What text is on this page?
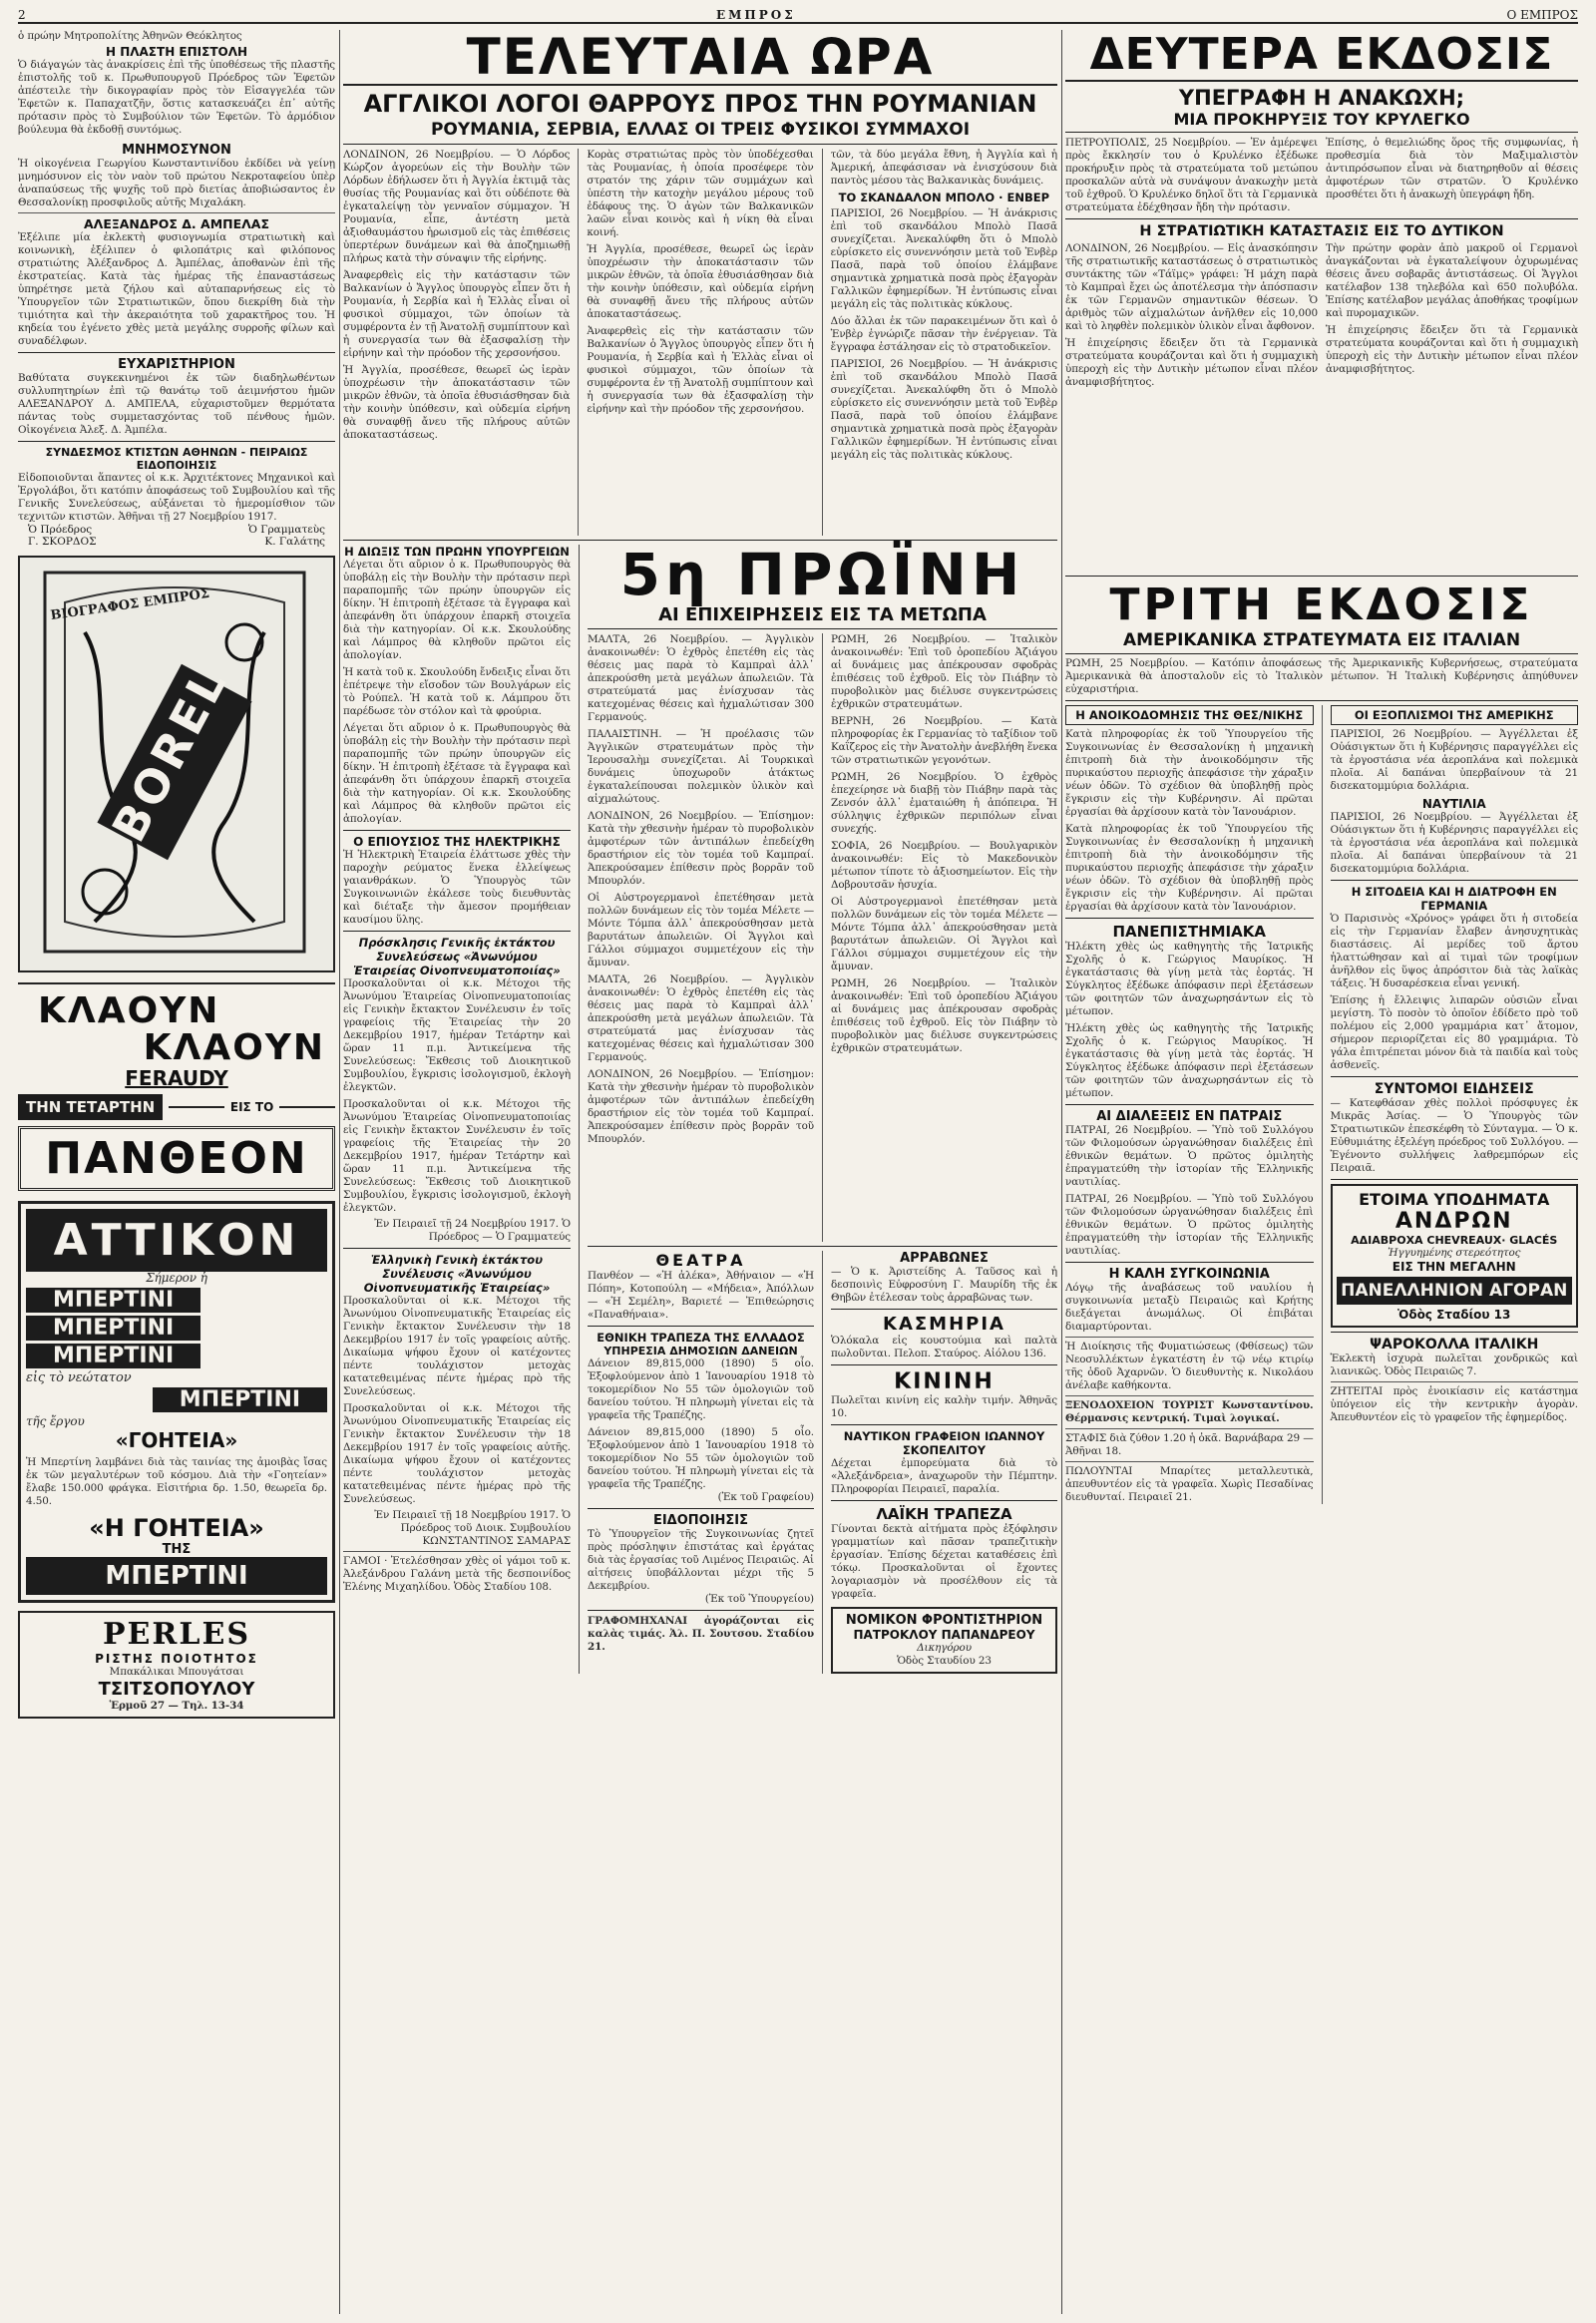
2	ΕΜΠΡΟΣ	Ο ΕΜΠΡΟΣ
ὁ πρώην Μητροπολίτης Ἀθηνῶν Θεόκλητος
Η ΠΛΑΣΤΗ ΕΠΙΣΤΟΛΗ
Ὁ διάγαγών τὰς ἀνακρίσεις ἐπὶ τῆς ὑποθέσεως τῆς πλαστῆς ἐπιστολῆς τοῦ κ. Πρωθυπουργοῦ Πρόεδρος τῶν Ἐφετῶν ἀπέστειλε τὴν δικογραφίαν πρὸς τὸν Εἰσαγγελέα τῶν Ἐφετῶν κ. Παπαχατζῆν, ὅστις κατασκευάζει ἐπ᾽ αὐτῆς πρότασιν πρὸς τὸ Συμβούλιον τῶν Ἐφετῶν. Τὸ ἀρμόδιον βούλευμα θὰ ἐκδοθῇ συντόμως.
ΜΝΗΜΟΣΥΝΟΝ
Ἡ οἰκογένεια Γεωργίου Κωνσταντινίδου ἐκδίδει νὰ γείνῃ μνημόσυνον εἰς τὸν ναὸν τοῦ πρώτου Νεκροταφείου ὑπὲρ ἀναπαύσεως τῆς ψυχῆς τοῦ πρὸ διετίας ἀποβιώσαντος ἐν Θεσσαλονίκῃ προσφιλοῦς αὐτῆς Μιχαλάκη.
ΑΛΕΞΑΝΔΡΟΣ Δ. ΑΜΠΕΛΑΣ
Ἐξέλιπε μία ἐκλεκτὴ φυσιογνωμία στρατιωτικὴ καὶ κοινωνικὴ, ἐξέλιπεν ὁ φιλοπάτρις καὶ φιλόπονος στρατιώτης Ἀλέξανδρος Δ. Ἀμπέλας, ἀποθανὼν ἐπὶ τῆς ἐκστρατείας. Κατὰ τὰς ἡμέρας τῆς ἐπαναστάσεως ὑπηρέτησε μετὰ ζήλου καὶ αὐταπαρνήσεως εἰς τὸ Ὑπουργεῖον τῶν Στρατιωτικῶν, ὅπου διεκρίθη διὰ τὴν τιμιότητα καὶ τὴν ἀκεραιότητα τοῦ χαρακτῆρος του. Ἡ κηδεία του ἐγένετο χθὲς μετὰ μεγάλης συρροῆς φίλων καὶ συναδέλφων.
ΕΥΧΑΡΙΣΤΗΡΙΟΝ
Βαθύτατα συγκεκινημένοι ἐκ τῶν διαδηλωθέντων συλλυπητηρίων ἐπὶ τῷ θανάτῳ τοῦ ἀειμνήστου ἡμῶν ΑΛΕΞΑΝΔΡΟΥ Δ. ΑΜΠΕΛΑ, εὐχαριστοῦμεν θερμότατα πάντας τοὺς συμμετασχόντας τοῦ πένθους ἡμῶν. Οἰκογένεια Ἀλεξ. Δ. Ἀμπέλα.
ΣΥΝΔΕΣΜΟΣ ΚΤΙΣΤΩΝ ΑΘΗΝΩΝ - ΠΕΙΡΑΙΩΣ
ΕΙΔΟΠΟΙΗΣΙΣ
Εἰδοποιοῦνται ἅπαντες οἱ κ.κ. Ἀρχιτέκτονες Μηχανικοὶ καὶ Ἐργολάβοι, ὅτι κατόπιν ἀποφάσεως τοῦ Συμβουλίου καὶ τῆς Γενικῆς Συνελεύσεως, αὐξάνεται τὸ ἡμερομίσθιον τῶν τεχνιτῶν κτιστῶν. Ἀθῆναι τῇ 27 Νοεμβρίου 1917.
Ὁ Πρόεδρος	Ὁ Γραμματεὺς
Γ. ΣΚΟΡΔΟΣ	Κ. Γαλάτης
ΒΙΟΓΡΑΦΟΣ ΕΜΠΡΟΣ
BOREL
ΚΛΑΟΥΝ
ΚΛΑΟΥΝ
FERAUDY
ΤΗΝ ΤΕΤΑΡΤΗΝ	ΕΙΣ ΤΟ
ΠΑΝΘΕΟΝ
ΑΤΤΙΚΟΝ
Σήμερον ἡ
ΜΠΕΡΤΙΝΙ
ΜΠΕΡΤΙΝΙ
ΜΠΕΡΤΙΝΙ
εἰς τὸ νεώτατον
ΜΠΕΡΤΙΝΙ
τῆς ἔργου
«ΓΟΗΤΕΙΑ»
Ἡ Μπερτίνη λαμβάνει διὰ τὰς ταινίας της ἀμοιβὰς ἴσας ἐκ τῶν μεγαλυτέρων τοῦ κόσμου. Διὰ τὴν «Γοητείαν» ἔλαβε 150.000 φράγκα. Εἰσιτήρια δρ. 1.50, θεωρεῖα δρ. 4.50.
«Η ΓΟΗΤΕΙΑ»
ΤΗΣ
ΜΠΕΡΤΙΝΙ
PERLES
ΡΙΣΤΗΣ ΠΟΙΟΤΗΤΟΣ
Μπακάλικαι Μπουγάτσαι
ΤΣΙΤΣΟΠΟΥΛΟΥ
Ἑρμοῦ 27 — Τηλ. 13-34
ΤΕΛΕΥΤΑΙΑ ΩΡΑ
ΑΓΓΛΙΚΟΙ ΛΟΓΟΙ ΘΑΡΡΟΥΣ ΠΡΟΣ ΤΗΝ ΡΟΥΜΑΝΙΑΝ
ΡΟΥΜΑΝΙΑ, ΣΕΡΒΙΑ, ΕΛΛΑΣ ΟΙ ΤΡΕΙΣ ΦΥΣΙΚΟΙ ΣΥΜΜΑΧΟΙ
ΛΟΝΔΙΝΟΝ, 26 Νοεμβρίου. — Ὁ Λόρδος Κώρζον ἀγορεύων εἰς τὴν Βουλὴν τῶν Λόρδων ἐδήλωσεν ὅτι ἡ Ἀγγλία ἐκτιμᾷ τὰς θυσίας τῆς Ρουμανίας καὶ ὅτι οὐδέποτε θὰ ἐγκαταλείψῃ τὸν γενναῖον σύμμαχον. Ἡ Ρουμανία, εἶπε, ἀντέστη μετὰ ἀξιοθαυμάστου ἡρωισμοῦ εἰς τὰς ἐπιθέσεις ὑπερτέρων δυνάμεων καὶ θὰ ἀποζημιωθῇ πλήρως κατὰ τὴν σύναψιν τῆς εἰρήνης.
Ἀναφερθεὶς εἰς τὴν κατάστασιν τῶν Βαλκανίων ὁ Ἄγγλος ὑπουργὸς εἶπεν ὅτι ἡ Ρουμανία, ἡ Σερβία καὶ ἡ Ἑλλὰς εἶναι οἱ φυσικοὶ σύμμαχοι, τῶν ὁποίων τὰ συμφέροντα ἐν τῇ Ἀνατολῇ συμπίπτουν καὶ ἡ συνεργασία των θὰ ἐξασφαλίσῃ τὴν εἰρήνην καὶ τὴν πρόοδον τῆς χερσονήσου.
Ἡ Ἀγγλία, προσέθεσε, θεωρεῖ ὡς ἱερὰν ὑποχρέωσιν τὴν ἀποκατάστασιν τῶν μικρῶν ἐθνῶν, τὰ ὁποῖα ἐθυσιάσθησαν διὰ τὴν κοινὴν ὑπόθεσιν, καὶ οὐδεμία εἰρήνη θὰ συναφθῇ ἄνευ τῆς πλήρους αὐτῶν ἀποκαταστάσεως.
Κορὰς στρατιώτας πρὸς τὸν ὑποδέχεσθαι τὰς Ρουμανίας, ἡ ὁποία προσέφερε τὸν στρατόν της χάριν τῶν συμμάχων καὶ ὑπέστη τὴν κατοχὴν μεγάλου μέρους τοῦ ἐδάφους της. Ὁ ἀγὼν τῶν Βαλκανικῶν λαῶν εἶναι κοινὸς καὶ ἡ νίκη θὰ εἶναι κοινή.
Ἡ Ἀγγλία, προσέθεσε, θεωρεῖ ὡς ἱερὰν ὑποχρέωσιν τὴν ἀποκατάστασιν τῶν μικρῶν ἐθνῶν, τὰ ὁποῖα ἐθυσιάσθησαν διὰ τὴν κοινὴν ὑπόθεσιν, καὶ οὐδεμία εἰρήνη θὰ συναφθῇ ἄνευ τῆς πλήρους αὐτῶν ἀποκαταστάσεως.
Ἀναφερθεὶς εἰς τὴν κατάστασιν τῶν Βαλκανίων ὁ Ἄγγλος ὑπουργὸς εἶπεν ὅτι ἡ Ρουμανία, ἡ Σερβία καὶ ἡ Ἑλλὰς εἶναι οἱ φυσικοὶ σύμμαχοι, τῶν ὁποίων τὰ συμφέροντα ἐν τῇ Ἀνατολῇ συμπίπτουν καὶ ἡ συνεργασία των θὰ ἐξασφαλίσῃ τὴν εἰρήνην καὶ τὴν πρόοδον τῆς χερσονήσου.
τῶν, τὰ δύο μεγάλα ἔθνη, ἡ Ἀγγλία καὶ ἡ Ἀμερική, ἀπεφάσισαν νὰ ἐνισχύσουν διὰ παντὸς μέσου τὰς Βαλκανικὰς δυνάμεις.
ΤΟ ΣΚΑΝΔΑΛΟΝ ΜΠΟΛΟ · ΕΝΒΕΡ
ΠΑΡΙΣΙΟΙ, 26 Νοεμβρίου. — Ἡ ἀνάκρισις ἐπὶ τοῦ σκανδάλου Μπολὸ Πασᾶ συνεχίζεται. Ἀνεκαλύφθη ὅτι ὁ Μπολὸ εὑρίσκετο εἰς συνεννόησιν μετὰ τοῦ Ἐνβὲρ Πασᾶ, παρὰ τοῦ ὁποίου ἐλάμβανε σημαντικὰ χρηματικὰ ποσὰ πρὸς ἐξαγορὰν Γαλλικῶν ἐφημερίδων. Ἡ ἐντύπωσις εἶναι μεγάλη εἰς τὰς πολιτικὰς κύκλους.
Δύο ἄλλαι ἐκ τῶν παρακειμένων ὅτι καὶ ὁ Ἐνβὲρ ἐγνώριζε πᾶσαν τὴν ἐνέργειαν. Τὰ ἔγγραφα ἐστάλησαν εἰς τὸ στρατοδικεῖον.
ΠΑΡΙΣΙΟΙ, 26 Νοεμβρίου. — Ἡ ἀνάκρισις ἐπὶ τοῦ σκανδάλου Μπολὸ Πασᾶ συνεχίζεται. Ἀνεκαλύφθη ὅτι ὁ Μπολὸ εὑρίσκετο εἰς συνεννόησιν μετὰ τοῦ Ἐνβὲρ Πασᾶ, παρὰ τοῦ ὁποίου ἐλάμβανε σημαντικὰ χρηματικὰ ποσὰ πρὸς ἐξαγορὰν Γαλλικῶν ἐφημερίδων. Ἡ ἐντύπωσις εἶναι μεγάλη εἰς τὰς πολιτικὰς κύκλους.
Η ΔΙΩΞΙΣ ΤΩΝ ΠΡΩΗΝ ΥΠΟΥΡΓΕΙΩΝ
Λέγεται ὅτι αὔριον ὁ κ. Πρωθυπουργὸς θὰ ὑποβάλῃ εἰς τὴν Βουλὴν τὴν πρότασιν περὶ παραπομπῆς τῶν πρώην ὑπουργῶν εἰς δίκην. Ἡ ἐπιτροπὴ ἐξέτασε τὰ ἔγγραφα καὶ ἀπεφάνθη ὅτι ὑπάρχουν ἐπαρκῆ στοιχεῖα διὰ τὴν κατηγορίαν. Οἱ κ.κ. Σκουλούδης καὶ Λάμπρος θὰ κληθοῦν πρῶτοι εἰς ἀπολογίαν.
Ἡ κατὰ τοῦ κ. Σκουλούδη ἔνδειξις εἶναι ὅτι ἐπέτρεψε τὴν εἴσοδον τῶν Βουλγάρων εἰς τὸ Ρούπελ. Ἡ κατὰ τοῦ κ. Λάμπρου ὅτι παρέδωσε τὸν στόλον καὶ τὰ φρούρια.
Λέγεται ὅτι αὔριον ὁ κ. Πρωθυπουργὸς θὰ ὑποβάλῃ εἰς τὴν Βουλὴν τὴν πρότασιν περὶ παραπομπῆς τῶν πρώην ὑπουργῶν εἰς δίκην. Ἡ ἐπιτροπὴ ἐξέτασε τὰ ἔγγραφα καὶ ἀπεφάνθη ὅτι ὑπάρχουν ἐπαρκῆ στοιχεῖα διὰ τὴν κατηγορίαν. Οἱ κ.κ. Σκουλούδης καὶ Λάμπρος θὰ κληθοῦν πρῶτοι εἰς ἀπολογίαν.
Ο ΕΠΙΟΥΣΙΟΣ ΤΗΣ ΗΛΕΚΤΡΙΚΗΣ
Ἡ Ἠλεκτρικὴ Ἑταιρεία ἐλάττωσε χθὲς τὴν παροχὴν ρεύματος ἕνεκα ἐλλείψεως γαιανθράκων. Ὁ Ὑπουργὸς τῶν Συγκοινωνιῶν ἐκάλεσε τοὺς διευθυντὰς καὶ διέταξε τὴν ἄμεσον προμήθειαν καυσίμου ὕλης.
Πρόσκλησις Γενικῆς ἐκτάκτου Συνελεύσεως «Ἀνωνύμου Ἑταιρείας Οἰνοπνευματοποιίας»
Προσκαλοῦνται οἱ κ.κ. Μέτοχοι τῆς Ἀνωνύμου Ἑταιρείας Οἰνοπνευματοποιίας εἰς Γενικὴν ἔκτακτον Συνέλευσιν ἐν τοῖς γραφείοις τῆς Ἑταιρείας τὴν 20 Δεκεμβρίου 1917, ἡμέραν Τετάρτην καὶ ὥραν 11 π.μ. Ἀντικείμενα τῆς Συνελεύσεως: Ἔκθεσις τοῦ Διοικητικοῦ Συμβουλίου, ἔγκρισις ἰσολογισμοῦ, ἐκλογὴ ἐλεγκτῶν.
Προσκαλοῦνται οἱ κ.κ. Μέτοχοι τῆς Ἀνωνύμου Ἑταιρείας Οἰνοπνευματοποιίας εἰς Γενικὴν ἔκτακτον Συνέλευσιν ἐν τοῖς γραφείοις τῆς Ἑταιρείας τὴν 20 Δεκεμβρίου 1917, ἡμέραν Τετάρτην καὶ ὥραν 11 π.μ. Ἀντικείμενα τῆς Συνελεύσεως: Ἔκθεσις τοῦ Διοικητικοῦ Συμβουλίου, ἔγκρισις ἰσολογισμοῦ, ἐκλογὴ ἐλεγκτῶν.
Ἐν Πειραιεῖ τῇ 24 Νοεμβρίου 1917. Ὁ Πρόεδρος — Ὁ Γραμματεύς
Ἑλληνικὴ Γενικὴ ἐκτάκτου Συνέλευσις «Ἀνωνύμου Οἰνοπνευματικῆς Ἑταιρείας»
Προσκαλοῦνται οἱ κ.κ. Μέτοχοι τῆς Ἀνωνύμου Οἰνοπνευματικῆς Ἑταιρείας εἰς Γενικὴν ἔκτακτον Συνέλευσιν τὴν 18 Δεκεμβρίου 1917 ἐν τοῖς γραφείοις αὐτῆς. Δικαίωμα ψήφου ἔχουν οἱ κατέχοντες πέντε τουλάχιστον μετοχὰς κατατεθειμένας πέντε ἡμέρας πρὸ τῆς Συνελεύσεως.
Προσκαλοῦνται οἱ κ.κ. Μέτοχοι τῆς Ἀνωνύμου Οἰνοπνευματικῆς Ἑταιρείας εἰς Γενικὴν ἔκτακτον Συνέλευσιν τὴν 18 Δεκεμβρίου 1917 ἐν τοῖς γραφείοις αὐτῆς. Δικαίωμα ψήφου ἔχουν οἱ κατέχοντες πέντε τουλάχιστον μετοχὰς κατατεθειμένας πέντε ἡμέρας πρὸ τῆς Συνελεύσεως.
Ἐν Πειραιεῖ τῇ 18 Νοεμβρίου 1917. Ὁ Πρόεδρος τοῦ Διοικ. Συμβουλίου ΚΩΝΣΤΑΝΤΙΝΟΣ ΣΑΜΑΡΑΣ
ΓΑΜΟΙ · Ἐτελέσθησαν χθὲς οἱ γάμοι τοῦ κ. Ἀλεξάνδρου Γαλάνη μετὰ τῆς δεσποινίδος Ἑλένης Μιχαηλίδου. Ὁδὸς Σταδίου 108.
5η ΠΡΩΪΝΗ
ΑΙ ΕΠΙΧΕΙΡΗΣΕΙΣ ΕΙΣ ΤΑ ΜΕΤΩΠΑ
ΜΑΛΤΑ, 26 Νοεμβρίου. — Ἀγγλικὸν ἀνακοινωθέν: Ὁ ἐχθρὸς ἐπετέθη εἰς τὰς θέσεις μας παρὰ τὸ Καμπραὶ ἀλλ᾽ ἀπεκρούσθη μετὰ μεγάλων ἀπωλειῶν. Τὰ στρατεύματά μας ἐνίσχυσαν τὰς κατεχομένας θέσεις καὶ ἠχμαλώτισαν 300 Γερμανούς.
ΠΑΛΑΙΣΤΙΝΗ. — Ἡ προέλασις τῶν Ἀγγλικῶν στρατευμάτων πρὸς τὴν Ἱερουσαλὴμ συνεχίζεται. Αἱ Τουρκικαὶ δυνάμεις ὑποχωροῦν ἀτάκτως ἐγκαταλείπουσαι πολεμικὸν ὑλικὸν καὶ αἰχμαλώτους.
ΛΟΝΔΙΝΟΝ, 26 Νοεμβρίου. — Ἐπίσημον: Κατὰ τὴν χθεσινὴν ἡμέραν τὸ πυροβολικὸν ἀμφοτέρων τῶν ἀντιπάλων ἐπεδείχθη δραστήριον εἰς τὸν τομέα τοῦ Καμπραί. Ἀπεκρούσαμεν ἐπίθεσιν πρὸς βορρᾶν τοῦ Μπουρλόν.
Οἱ Αὐστρογερμανοὶ ἐπετέθησαν μετὰ πολλῶν δυνάμεων εἰς τὸν τομέα Μέλετε — Μόντε Τόμπα ἀλλ᾽ ἀπεκρούσθησαν μετὰ βαρυτάτων ἀπωλειῶν. Οἱ Ἄγγλοι καὶ Γάλλοι σύμμαχοι συμμετέχουν εἰς τὴν ἄμυναν.
ΜΑΛΤΑ, 26 Νοεμβρίου. — Ἀγγλικὸν ἀνακοινωθέν: Ὁ ἐχθρὸς ἐπετέθη εἰς τὰς θέσεις μας παρὰ τὸ Καμπραὶ ἀλλ᾽ ἀπεκρούσθη μετὰ μεγάλων ἀπωλειῶν. Τὰ στρατεύματά μας ἐνίσχυσαν τὰς κατεχομένας θέσεις καὶ ἠχμαλώτισαν 300 Γερμανούς.
ΛΟΝΔΙΝΟΝ, 26 Νοεμβρίου. — Ἐπίσημον: Κατὰ τὴν χθεσινὴν ἡμέραν τὸ πυροβολικὸν ἀμφοτέρων τῶν ἀντιπάλων ἐπεδείχθη δραστήριον εἰς τὸν τομέα τοῦ Καμπραί. Ἀπεκρούσαμεν ἐπίθεσιν πρὸς βορρᾶν τοῦ Μπουρλόν.
ΡΩΜΗ, 26 Νοεμβρίου. — Ἰταλικὸν ἀνακοινωθέν: Ἐπὶ τοῦ ὀροπεδίου Ἀζιάγου αἱ δυνάμεις μας ἀπέκρουσαν σφοδρὰς ἐπιθέσεις τοῦ ἐχθροῦ. Εἰς τὸν Πιάβην τὸ πυροβολικὸν μας διέλυσε συγκεντρώσεις ἐχθρικῶν στρατευμάτων.
ΒΕΡΝΗ, 26 Νοεμβρίου. — Κατὰ πληροφορίας ἐκ Γερμανίας τὸ ταξίδιον τοῦ Καΐζερος εἰς τὴν Ἀνατολὴν ἀνεβλήθη ἕνεκα τῶν στρατιωτικῶν γεγονότων.
ΡΩΜΗ, 26 Νοεμβρίου. Ὁ ἐχθρὸς ἐπεχείρησε νὰ διαβῇ τὸν Πιάβην παρὰ τὰς Ζενσόν ἀλλ᾽ ἐματαιώθη ἡ ἀπόπειρα. Ἡ σύλληψις ἐχθρικῶν περιπόλων εἶναι συνεχής.
ΣΟΦΙΑ, 26 Νοεμβρίου. — Βουλγαρικὸν ἀνακοινωθέν: Εἰς τὸ Μακεδονικὸν μέτωπον τίποτε τὸ ἀξιοσημείωτον. Εἰς τὴν Δοβρουτσᾶν ἡσυχία.
Οἱ Αὐστρογερμανοὶ ἐπετέθησαν μετὰ πολλῶν δυνάμεων εἰς τὸν τομέα Μέλετε — Μόντε Τόμπα ἀλλ᾽ ἀπεκρούσθησαν μετὰ βαρυτάτων ἀπωλειῶν. Οἱ Ἄγγλοι καὶ Γάλλοι σύμμαχοι συμμετέχουν εἰς τὴν ἄμυναν.
ΡΩΜΗ, 26 Νοεμβρίου. — Ἰταλικὸν ἀνακοινωθέν: Ἐπὶ τοῦ ὀροπεδίου Ἀζιάγου αἱ δυνάμεις μας ἀπέκρουσαν σφοδρὰς ἐπιθέσεις τοῦ ἐχθροῦ. Εἰς τὸν Πιάβην τὸ πυροβολικὸν μας διέλυσε συγκεντρώσεις ἐχθρικῶν στρατευμάτων.
ΘΕΑΤΡΑ
Πανθέον — «Ἡ ἀλέκα», Ἀθήναιον — «Ἡ Πόπη», Κοτοπούλη — «Μήδεια», Ἀπόλλων — «Ἡ Σεμέλη», Βαριετέ — Ἐπιθεώρησις «Παναθήναια».
ΕΘΝΙΚΗ ΤΡΑΠΕΖΑ ΤΗΣ ΕΛΛΑΔΟΣ
ΥΠΗΡΕΣΙΑ ΔΗΜΟΣΙΩΝ ΔΑΝΕΙΩΝ
Δάνειον 89,815,000 (1890) 5 οἷο. Ἐξοφλούμενον ἀπὸ 1 Ἰανουαρίου 1918 τὸ τοκομερίδιον Νο 55 τῶν ὁμολογιῶν τοῦ δανείου τούτου. Ἡ πληρωμὴ γίνεται εἰς τὰ γραφεῖα τῆς Τραπέζης.
Δάνειον 89,815,000 (1890) 5 οἷο. Ἐξοφλούμενον ἀπὸ 1 Ἰανουαρίου 1918 τὸ τοκομερίδιον Νο 55 τῶν ὁμολογιῶν τοῦ δανείου τούτου. Ἡ πληρωμὴ γίνεται εἰς τὰ γραφεῖα τῆς Τραπέζης.
(Ἐκ τοῦ Γραφείου)
ΕΙΔΟΠΟΙΗΣΙΣ
Τὸ Ὑπουργεῖον τῆς Συγκοινωνίας ζητεῖ πρὸς πρόσληψιν ἐπιστάτας καὶ ἐργάτας διὰ τὰς ἐργασίας τοῦ Λιμένος Πειραιῶς. Αἱ αἰτήσεις ὑποβάλλονται μέχρι τῆς 5 Δεκεμβρίου.
(Ἐκ τοῦ Ὑπουργείου)
ΓΡΑΦΟΜΗΧΑΝΑΙ ἀγοράζονται εἰς καλὰς τιμάς. Ἀλ. Π. Σουτσου. Σταδίου 21.
ΑΡΡΑΒΩΝΕΣ
— Ὁ κ. Ἀριστείδης Α. Ταῦσος καὶ ἡ δεσποινὶς Εὐφροσύνη Γ. Μαυρίδη τῆς ἐκ Θηβῶν ἐτέλεσαν τοὺς ἀρραβῶνας των.
ΚΑΣΜΗΡΙΑ
Ὁλόκαλα εἰς κουστούμια καὶ παλτὰ πωλοῦνται. Πελοπ. Σταύρος. Αἰόλου 136.
ΚΙΝΙΝΗ
Πωλεῖται κινίνη εἰς καλὴν τιμήν. Ἀθηνᾶς 10.
ΝΑΥΤΙΚΟΝ ΓΡΑΦΕΙΟΝ ΙΩΑΝΝΟΥ ΣΚΟΠΕΛΙΤΟΥ
Δέχεται ἐμπορεύματα διὰ τὸ «Ἀλεξάνδρεια», ἀναχωροῦν τὴν Πέμπτην. Πληροφορίαι Πειραιεῖ, παραλία.
ΛΑΪΚΗ ΤΡΑΠΕΖΑ
Γίνονται δεκτὰ αἰτήματα πρὸς ἐξόφλησιν γραμματίων καὶ πᾶσαν τραπεζιτικὴν ἐργασίαν. Ἐπίσης δέχεται καταθέσεις ἐπὶ τόκῳ. Προσκαλοῦνται οἱ ἔχοντες λογαριασμὸν νὰ προσέλθουν εἰς τὰ γραφεῖα.
ΝΟΜΙΚΟΝ ΦΡΟΝΤΙΣΤΗΡΙΟΝ
ΠΑΤΡΟΚΛΟΥ ΠΑΠΑΝΔΡΕΟΥ
Δικηγόρου
Ὁδὸς Σταυδίου 23
ΔΕΥΤΕΡΑ ΕΚΔΟΣΙΣ
ΥΠΕΓΡΑΦΗ Η ΑΝΑΚΩΧΗ;
ΜΙΑ ΠΡΟΚΗΡΥΞΙΣ ΤΟΥ ΚΡΥΛΕΓΚΟ
ΠΕΤΡΟΥΠΟΛΙΣ, 25 Νοεμβρίου. — Ἐν ἀμέρεψει πρὸς ἔκκλησίν του ὁ Κρυλένκο ἐξέδωκε προκήρυξιν πρὸς τὰ στρατεύματα τοῦ μετώπου προσκαλῶν αὐτὰ νὰ συνάψουν ἀνακωχὴν μετὰ τοῦ ἐχθροῦ. Ὁ Κρυλένκο δηλοῖ ὅτι τὰ Γερμανικὰ στρατεύματα ἐδέχθησαν ἤδη τὴν πρότασιν.
Ἐπίσης, ὁ θεμελιώδης ὅρος τῆς συμφωνίας, ἡ προθεσμία διὰ τὸν Μαξιμαλιστὸν ἀντιπρόσωπον εἶναι νὰ διατηρηθοῦν αἱ θέσεις ἀμφοτέρων τῶν στρατῶν. Ὁ Κρυλένκο προσθέτει ὅτι ἡ ἀνακωχὴ ὑπεγράφη ἤδη.
Η ΣΤΡΑΤΙΩΤΙΚΗ ΚΑΤΑΣΤΑΣΙΣ ΕΙΣ ΤΟ ΔΥΤΙΚΟΝ
ΛΟΝΔΙΝΟΝ, 26 Νοεμβρίου. — Εἰς ἀνασκόπησιν τῆς στρατιωτικῆς καταστάσεως ὁ στρατιωτικὸς συντάκτης τῶν «Τάϊμς» γράφει: Ἡ μάχη παρὰ τὸ Καμπραὶ ἔχει ὡς ἀποτέλεσμα τὴν ἀπόσπασιν ἐκ τῶν Γερμανῶν σημαντικῶν θέσεων. Ὁ ἀριθμὸς τῶν αἰχμαλώτων ἀνῆλθεν εἰς 10,000 καὶ τὸ ληφθὲν πολεμικὸν ὑλικὸν εἶναι ἄφθονον.
Ἡ ἐπιχείρησις ἔδειξεν ὅτι τὰ Γερμανικὰ στρατεύματα κουράζονται καὶ ὅτι ἡ συμμαχικὴ ὑπεροχὴ εἰς τὴν Δυτικὴν μέτωπον εἶναι πλέον ἀναμφισβήτητος.
Τὴν πρώτην φορὰν ἀπὸ μακροῦ οἱ Γερμανοὶ ἀναγκάζονται νὰ ἐγκαταλείψουν ὀχυρωμένας θέσεις ἄνευ σοβαρᾶς ἀντιστάσεως. Οἱ Ἄγγλοι κατέλαβον 138 τηλεβόλα καὶ 650 πολυβόλα. Ἐπίσης κατέλαβον μεγάλας ἀποθήκας τροφίμων καὶ πυρομαχικῶν.
Ἡ ἐπιχείρησις ἔδειξεν ὅτι τὰ Γερμανικὰ στρατεύματα κουράζονται καὶ ὅτι ἡ συμμαχικὴ ὑπεροχὴ εἰς τὴν Δυτικὴν μέτωπον εἶναι πλέον ἀναμφισβήτητος.
ΤΡΙΤΗ ΕΚΔΟΣΙΣ
ΑΜΕΡΙΚΑΝΙΚΑ ΣΤΡΑΤΕΥΜΑΤΑ ΕΙΣ ΙΤΑΛΙΑΝ
ΡΩΜΗ, 25 Νοεμβρίου. — Κατόπιν ἀποφάσεως τῆς Ἀμερικανικῆς Κυβερνήσεως, στρατεύματα Ἀμερικανικὰ θὰ ἀποσταλοῦν εἰς τὸ Ἰταλικὸν μέτωπον. Ἡ Ἰταλικὴ Κυβέρνησις ἀπηύθυνεν εὐχαριστήρια.
Η ΑΝΟΙΚΟΔΟΜΗΣΙΣ ΤΗΣ ΘΕΣ/ΝΙΚΗΣ
Κατὰ πληροφορίας ἐκ τοῦ Ὑπουργείου τῆς Συγκοινωνίας ἐν Θεσσαλονίκῃ ἡ μηχανικὴ ἐπιτροπὴ διὰ τὴν ἀνοικοδόμησιν τῆς πυρικαύστου περιοχῆς ἀπεφάσισε τὴν χάραξιν νέων ὁδῶν. Τὸ σχέδιον θὰ ὑποβληθῇ πρὸς ἔγκρισιν εἰς τὴν Κυβέρνησιν. Αἱ πρῶται ἐργασίαι θὰ ἀρχίσουν κατὰ τὸν Ἰανουάριον.
Κατὰ πληροφορίας ἐκ τοῦ Ὑπουργείου τῆς Συγκοινωνίας ἐν Θεσσαλονίκῃ ἡ μηχανικὴ ἐπιτροπὴ διὰ τὴν ἀνοικοδόμησιν τῆς πυρικαύστου περιοχῆς ἀπεφάσισε τὴν χάραξιν νέων ὁδῶν. Τὸ σχέδιον θὰ ὑποβληθῇ πρὸς ἔγκρισιν εἰς τὴν Κυβέρνησιν. Αἱ πρῶται ἐργασίαι θὰ ἀρχίσουν κατὰ τὸν Ἰανουάριον.
ΠΑΝΕΠΙΣΤΗΜΙΑΚΑ
Ἠλέκτη χθὲς ὡς καθηγητὴς τῆς Ἰατρικῆς Σχολῆς ὁ κ. Γεώργιος Μαυρίκος. Ἡ ἐγκατάστασις θὰ γίνῃ μετὰ τὰς ἑορτάς. Ἡ Σύγκλητος ἐξέδωκε ἀπόφασιν περὶ ἐξετάσεων τῶν φοιτητῶν τῶν ἀναχωρησάντων εἰς τὸ μέτωπον.
Ἠλέκτη χθὲς ὡς καθηγητὴς τῆς Ἰατρικῆς Σχολῆς ὁ κ. Γεώργιος Μαυρίκος. Ἡ ἐγκατάστασις θὰ γίνῃ μετὰ τὰς ἑορτάς. Ἡ Σύγκλητος ἐξέδωκε ἀπόφασιν περὶ ἐξετάσεων τῶν φοιτητῶν τῶν ἀναχωρησάντων εἰς τὸ μέτωπον.
ΑΙ ΔΙΑΛΕΞΕΙΣ ΕΝ ΠΑΤΡΑΙΣ
ΠΑΤΡΑΙ, 26 Νοεμβρίου. — Ὑπὸ τοῦ Συλλόγου τῶν Φιλομούσων ὠργανώθησαν διαλέξεις ἐπὶ ἐθνικῶν θεμάτων. Ὁ πρῶτος ὁμιλητὴς ἐπραγματεύθη τὴν ἱστορίαν τῆς Ἑλληνικῆς ναυτιλίας.
ΠΑΤΡΑΙ, 26 Νοεμβρίου. — Ὑπὸ τοῦ Συλλόγου τῶν Φιλομούσων ὠργανώθησαν διαλέξεις ἐπὶ ἐθνικῶν θεμάτων. Ὁ πρῶτος ὁμιλητὴς ἐπραγματεύθη τὴν ἱστορίαν τῆς Ἑλληνικῆς ναυτιλίας.
Η ΚΑΛΗ ΣΥΓΚΟΙΝΩΝΙΑ
Λόγῳ τῆς ἀναβάσεως τοῦ ναυλίου ἡ συγκοινωνία μεταξὺ Πειραιῶς καὶ Κρήτης διεξάγεται ἀνωμάλως. Οἱ ἐπιβάται διαμαρτύρονται.
Ἡ Διοίκησις τῆς Φυματιώσεως (Φθίσεως) τῶν Νεοσυλλέκτων ἐγκατέστη ἐν τῷ νέῳ κτιρίῳ τῆς ὁδοῦ Ἀχαρνῶν. Ὁ διευθυντὴς κ. Νικολάου ἀνέλαβε καθήκοντα.
ΞΕΝΟΔΟΧΕΙΟΝ ΤΟΥΡΙΣΤ Κωνσταντίνου. Θέρμανσις κεντρική. Τιμαὶ λογικαί.
ΣΤΑΦΙΣ διὰ ζύθον 1.20 ἡ ὀκᾶ. Βαρνάβαρα 29 — Ἀθῆναι 18.
ΠΩΛΟΥΝΤΑΙ Μπαρίτες μεταλλευτικὰ, ἀπευθυντέον εἰς τὰ γραφεῖα. Χωρὶς Πεσαδίνας διευθυνταί. Πειραιεῖ 21.
ΟΙ ΕΞΟΠΛΙΣΜΟΙ ΤΗΣ ΑΜΕΡΙΚΗΣ
ΠΑΡΙΣΙΟΙ, 26 Νοεμβρίου. — Ἀγγέλλεται ἐξ Οὐάσιγκτων ὅτι ἡ Κυβέρνησις παραγγέλλει εἰς τὰ ἐργοστάσια νέα ἀεροπλάνα καὶ πολεμικὰ πλοῖα. Αἱ δαπάναι ὑπερβαίνουν τὰ 21 δισεκατομμύρια δολλάρια.
ΝΑΥΤΙΛΙΑ
ΠΑΡΙΣΙΟΙ, 26 Νοεμβρίου. — Ἀγγέλλεται ἐξ Οὐάσιγκτων ὅτι ἡ Κυβέρνησις παραγγέλλει εἰς τὰ ἐργοστάσια νέα ἀεροπλάνα καὶ πολεμικὰ πλοῖα. Αἱ δαπάναι ὑπερβαίνουν τὰ 21 δισεκατομμύρια δολλάρια.
Η ΣΙΤΟΔΕΙΑ ΚΑΙ Η ΔΙΑΤΡΟΦΗ ΕΝ ΓΕΡΜΑΝΙΑ
Ὁ Παρισινὸς «Χρόνος» γράφει ὅτι ἡ σιτοδεία εἰς τὴν Γερμανίαν ἔλαβεν ἀνησυχητικὰς διαστάσεις. Αἱ μερίδες τοῦ ἄρτου ἠλαττώθησαν καὶ αἱ τιμαὶ τῶν τροφίμων ἀνῆλθον εἰς ὕψος ἀπρόσιτον διὰ τὰς λαϊκὰς τάξεις. Ἡ δυσαρέσκεια εἶναι γενική.
Ἐπίσης ἡ ἔλλειψις λιπαρῶν οὐσιῶν εἶναι μεγίστη. Τὸ ποσὸν τὸ ὁποῖον ἐδίδετο πρὸ τοῦ πολέμου εἰς 2,000 γραμμάρια κατ᾽ ἄτομον, σήμερον περιορίζεται εἰς 80 γραμμάρια. Τὸ γάλα ἐπιτρέπεται μόνον διὰ τὰ παιδία καὶ τοὺς ἀσθενεῖς.
ΣΥΝΤΟΜΟΙ ΕΙΔΗΣΕΙΣ
— Κατεφθάσαν χθὲς πολλοὶ πρόσφυγες ἐκ Μικρᾶς Ἀσίας. — Ὁ Ὑπουργὸς τῶν Στρατιωτικῶν ἐπεσκέφθη τὸ Σύνταγμα. — Ὁ κ. Εὐθυμιάτης ἐξελέγη πρόεδρος τοῦ Συλλόγου. — Ἐγένοντο συλλήψεις λαθρεμπόρων εἰς Πειραιᾶ.
ΕΤΟΙΜΑ ΥΠΟΔΗΜΑΤΑ
ΑΝΔΡΩΝ
ΑΔΙΑΒΡΟΧΑ CHEVREAUX· GLACÉS
Ἠγγυημένης στερεότητος
ΕΙΣ ΤΗΝ ΜΕΓΑΛΗΝ
ΠΑΝΕΛΛΗΝΙΟΝ ΑΓΟΡΑΝ
Ὁδὸς Σταδίου 13
ΨΑΡΟΚΟΛΛΑ ΙΤΑΛΙΚΗ
Ἐκλεκτὴ ἰσχυρὰ πωλεῖται χονδρικῶς καὶ λιανικῶς. Ὁδὸς Πειραιῶς 7.
ΖΗΤΕΙΤΑΙ πρὸς ἐνοικίασιν εἰς κατάστημα ὑπόγειον εἰς τὴν κεντρικὴν ἀγορὰν. Ἀπευθυντέον εἰς τὸ γραφεῖον τῆς ἐφημερίδος.
